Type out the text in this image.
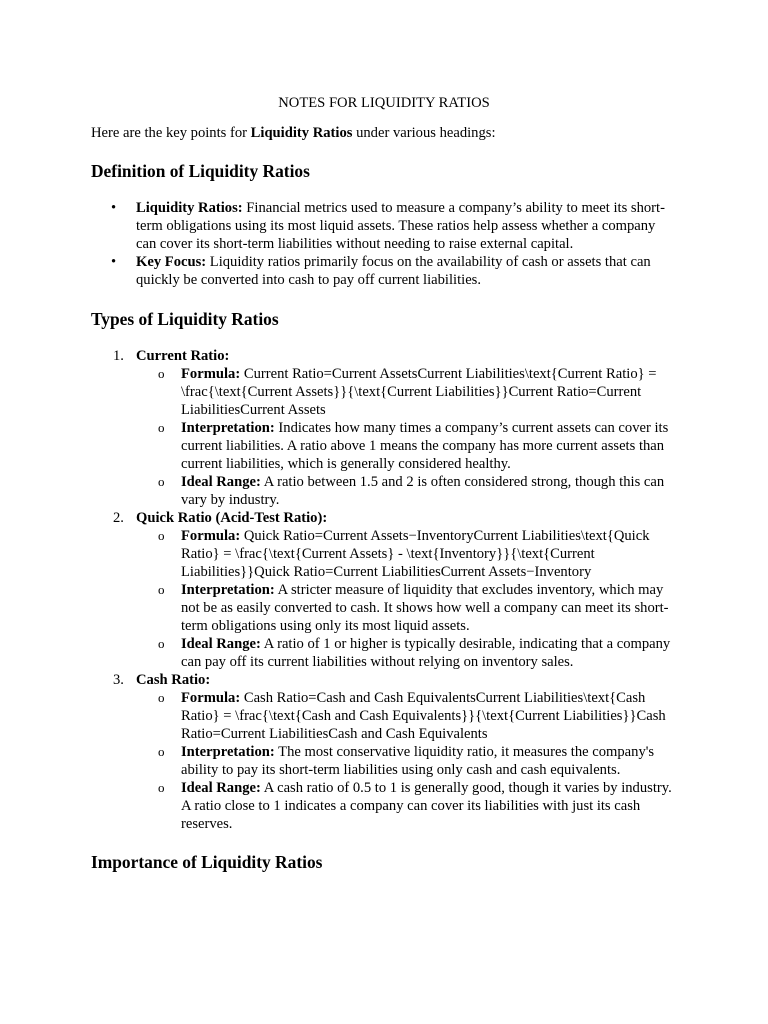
NOTES FOR LIQUIDITY RATIOS

Here are the key points for Liquidity Ratios under various headings:

Definition of Liquidity Ratios
• Liquidity Ratios: Financial metrics used to measure a company’s ability to meet its short-term obligations using its most liquid assets. These ratios help assess whether a company can cover its short-term liabilities without needing to raise external capital.
• Key Focus: Liquidity ratios primarily focus on the availability of cash or assets that can quickly be converted into cash to pay off current liabilities.
Types of Liquidity Ratios
1. Current Ratio:
o Formula: Current Ratio=Current AssetsCurrent Liabilities\text{Current Ratio} = \frac{\text{Current Assets}}{\text{Current Liabilities}}Current Ratio=Current LiabilitiesCurrent Assets
o Interpretation: Indicates how many times a company’s current assets can cover its current liabilities. A ratio above 1 means the company has more current assets than current liabilities, which is generally considered healthy.
o Ideal Range: A ratio between 1.5 and 2 is often considered strong, though this can vary by industry.
2. Quick Ratio (Acid-Test Ratio):
o Formula: Quick Ratio=Current Assets−InventoryCurrent Liabilities\text{Quick Ratio} = \frac{\text{Current Assets} - \text{Inventory}}{\text{Current Liabilities}}Quick Ratio=Current LiabilitiesCurrent Assets−Inventory
o Interpretation: A stricter measure of liquidity that excludes inventory, which may not be as easily converted to cash. It shows how well a company can meet its short-term obligations using only its most liquid assets.
o Ideal Range: A ratio of 1 or higher is typically desirable, indicating that a company can pay off its current liabilities without relying on inventory sales.
3. Cash Ratio:
o Formula: Cash Ratio=Cash and Cash EquivalentsCurrent Liabilities\text{Cash Ratio} = \frac{\text{Cash and Cash Equivalents}}{\text{Current Liabilities}}Cash Ratio=Current LiabilitiesCash and Cash Equivalents
o Interpretation: The most conservative liquidity ratio, it measures the company's ability to pay its short-term liabilities using only cash and cash equivalents.
o Ideal Range: A cash ratio of 0.5 to 1 is generally good, though it varies by industry. A ratio close to 1 indicates a company can cover its liabilities with just its cash reserves.
Importance of Liquidity Ratios
